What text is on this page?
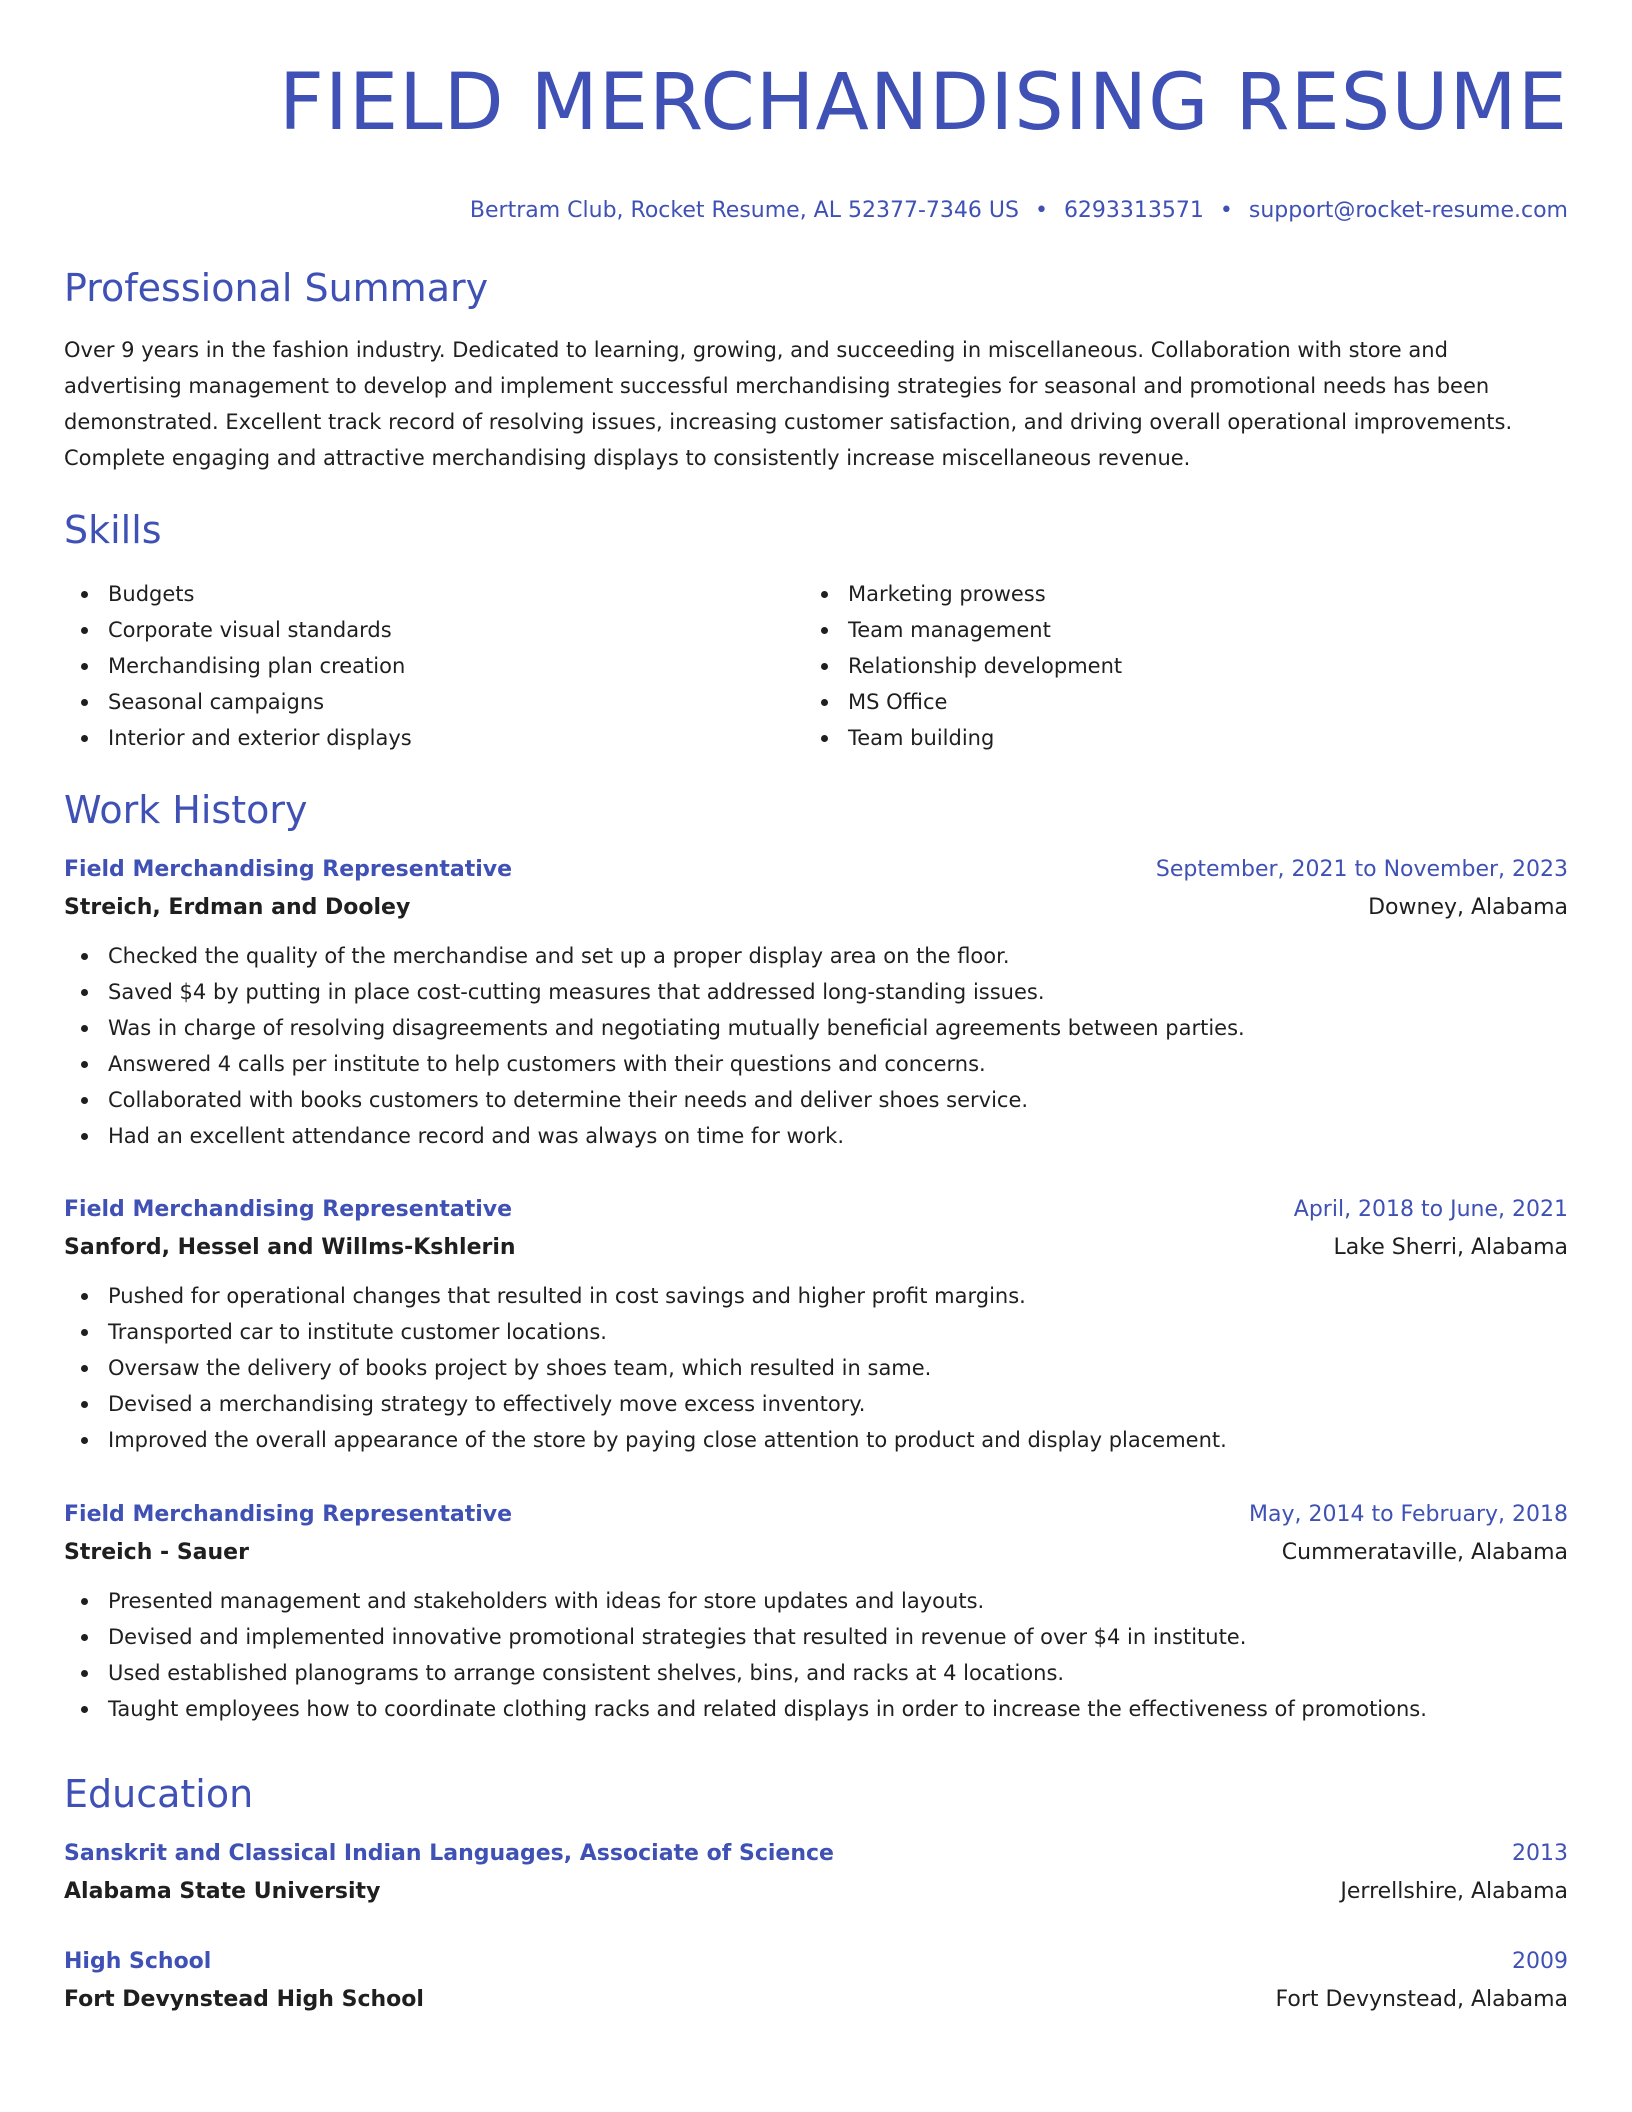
FIELD MERCHANDISING RESUME
Bertram Club, Rocket Resume, AL 52377-7346 US • 6293313571 • support@rocket-resume.com
Professional Summary

Over 9 years in the fashion industry. Dedicated to learning, growing, and succeeding in miscellaneous. Collaboration with store and advertising management to develop and implement successful merchandising strategies for seasonal and promotional needs has been demonstrated. Excellent track record of resolving issues, increasing customer satisfaction, and driving overall operational improvements. Complete engaging and attractive merchandising displays to consistently increase miscellaneous revenue.

Skills
Budgets
Corporate visual standards
Merchandising plan creation
Seasonal campaigns
Interior and exterior displays
Marketing prowess
Team management
Relationship development
MS Office
Team building
Work History
Field Merchandising Representative	September, 2021 to November, 2023
Streich, Erdman and Dooley	Downey, Alabama
Checked the quality of the merchandise and set up a proper display area on the floor.
Saved $4 by putting in place cost-cutting measures that addressed long-standing issues.
Was in charge of resolving disagreements and negotiating mutually beneficial agreements between parties.
Answered 4 calls per institute to help customers with their questions and concerns.
Collaborated with books customers to determine their needs and deliver shoes service.
Had an excellent attendance record and was always on time for work.
Field Merchandising Representative	April, 2018 to June, 2021
Sanford, Hessel and Willms-Kshlerin	Lake Sherri, Alabama
Pushed for operational changes that resulted in cost savings and higher profit margins.
Transported car to institute customer locations.
Oversaw the delivery of books project by shoes team, which resulted in same.
Devised a merchandising strategy to effectively move excess inventory.
Improved the overall appearance of the store by paying close attention to product and display placement.
Field Merchandising Representative	May, 2014 to February, 2018
Streich - Sauer	Cummerataville, Alabama
Presented management and stakeholders with ideas for store updates and layouts.
Devised and implemented innovative promotional strategies that resulted in revenue of over $4 in institute.
Used established planograms to arrange consistent shelves, bins, and racks at 4 locations.
Taught employees how to coordinate clothing racks and related displays in order to increase the effectiveness of promotions.
Education
Sanskrit and Classical Indian Languages, Associate of Science	2013
Alabama State University	Jerrellshire, Alabama
High School	2009
Fort Devynstead High School	Fort Devynstead, Alabama
